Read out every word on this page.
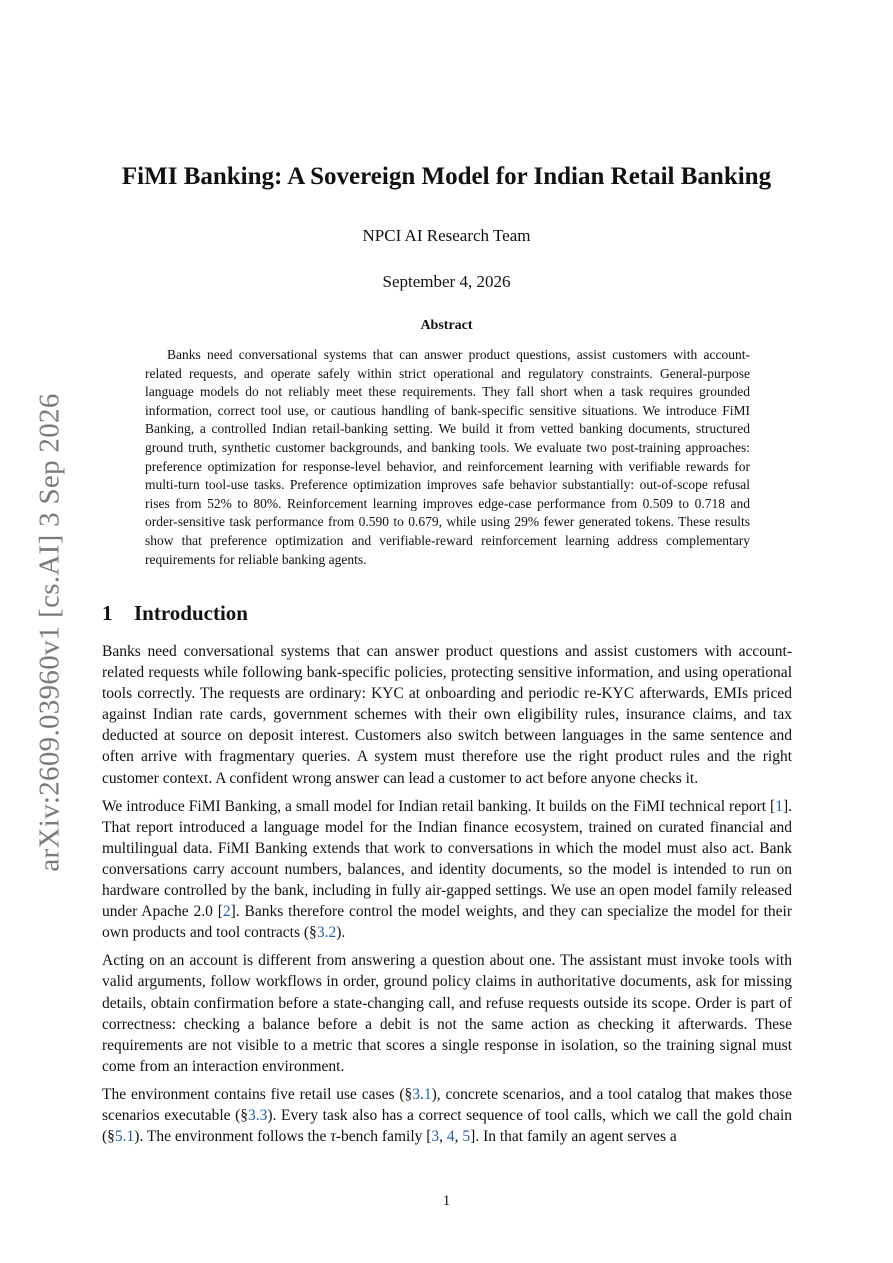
arXiv:2609.03960v1 [cs.AI] 3 Sep 2026
FiMI Banking: A Sovereign Model for Indian Retail Banking
NPCI AI Research Team
September 4, 2026
Abstract

Banks need conversational systems that can answer product questions, assist customers with account-related requests, and operate safely within strict operational and regulatory constraints. General-purpose language models do not reliably meet these requirements. They fall short when a task requires grounded information, correct tool use, or cautious handling of bank-specific sensitive situations. We introduce FiMI Banking, a controlled Indian retail-banking setting. We build it from vetted banking documents, structured ground truth, synthetic customer backgrounds, and banking tools. We evaluate two post-training approaches: preference optimization for response-level behavior, and reinforcement learning with verifiable rewards for multi-turn tool-use tasks. Preference optimization improves safe behavior substantially: out-of-scope refusal rises from 52% to 80%. Reinforcement learning improves edge-case performance from 0.509 to 0.718 and order-sensitive task performance from 0.590 to 0.679, while using 29% fewer generated tokens. These results show that preference optimization and verifiable-reward reinforcement learning address complementary requirements for reliable banking agents.

1 Introduction

Banks need conversational systems that can answer product questions and assist customers with account-related requests while following bank-specific policies, protecting sensitive information, and using operational tools correctly. The requests are ordinary: KYC at onboarding and periodic re-KYC afterwards, EMIs priced against Indian rate cards, government schemes with their own eligibility rules, insurance claims, and tax deducted at source on deposit interest. Customers also switch between languages in the same sentence and often arrive with fragmentary queries. A system must therefore use the right product rules and the right customer context. A confident wrong answer can lead a customer to act before anyone checks it.

We introduce FiMI Banking, a small model for Indian retail banking. It builds on the FiMI technical report [1]. That report introduced a language model for the Indian finance ecosystem, trained on curated financial and multilingual data. FiMI Banking extends that work to conversations in which the model must also act. Bank conversations carry account numbers, balances, and identity documents, so the model is intended to run on hardware controlled by the bank, including in fully air-gapped settings. We use an open model family released under Apache 2.0 [2]. Banks therefore control the model weights, and they can specialize the model for their own products and tool contracts (§3.2).

Acting on an account is different from answering a question about one. The assistant must invoke tools with valid arguments, follow workflows in order, ground policy claims in authoritative documents, ask for missing details, obtain confirmation before a state-changing call, and refuse requests outside its scope. Order is part of correctness: checking a balance before a debit is not the same action as checking it afterwards. These requirements are not visible to a metric that scores a single response in isolation, so the training signal must come from an interaction environment.

The environment contains five retail use cases (§3.1), concrete scenarios, and a tool catalog that makes those scenarios executable (§3.3). Every task also has a correct sequence of tool calls, which we call the gold chain (§5.1). The environment follows the τ-bench family [3, 4, 5]. In that family an agent serves a

1
